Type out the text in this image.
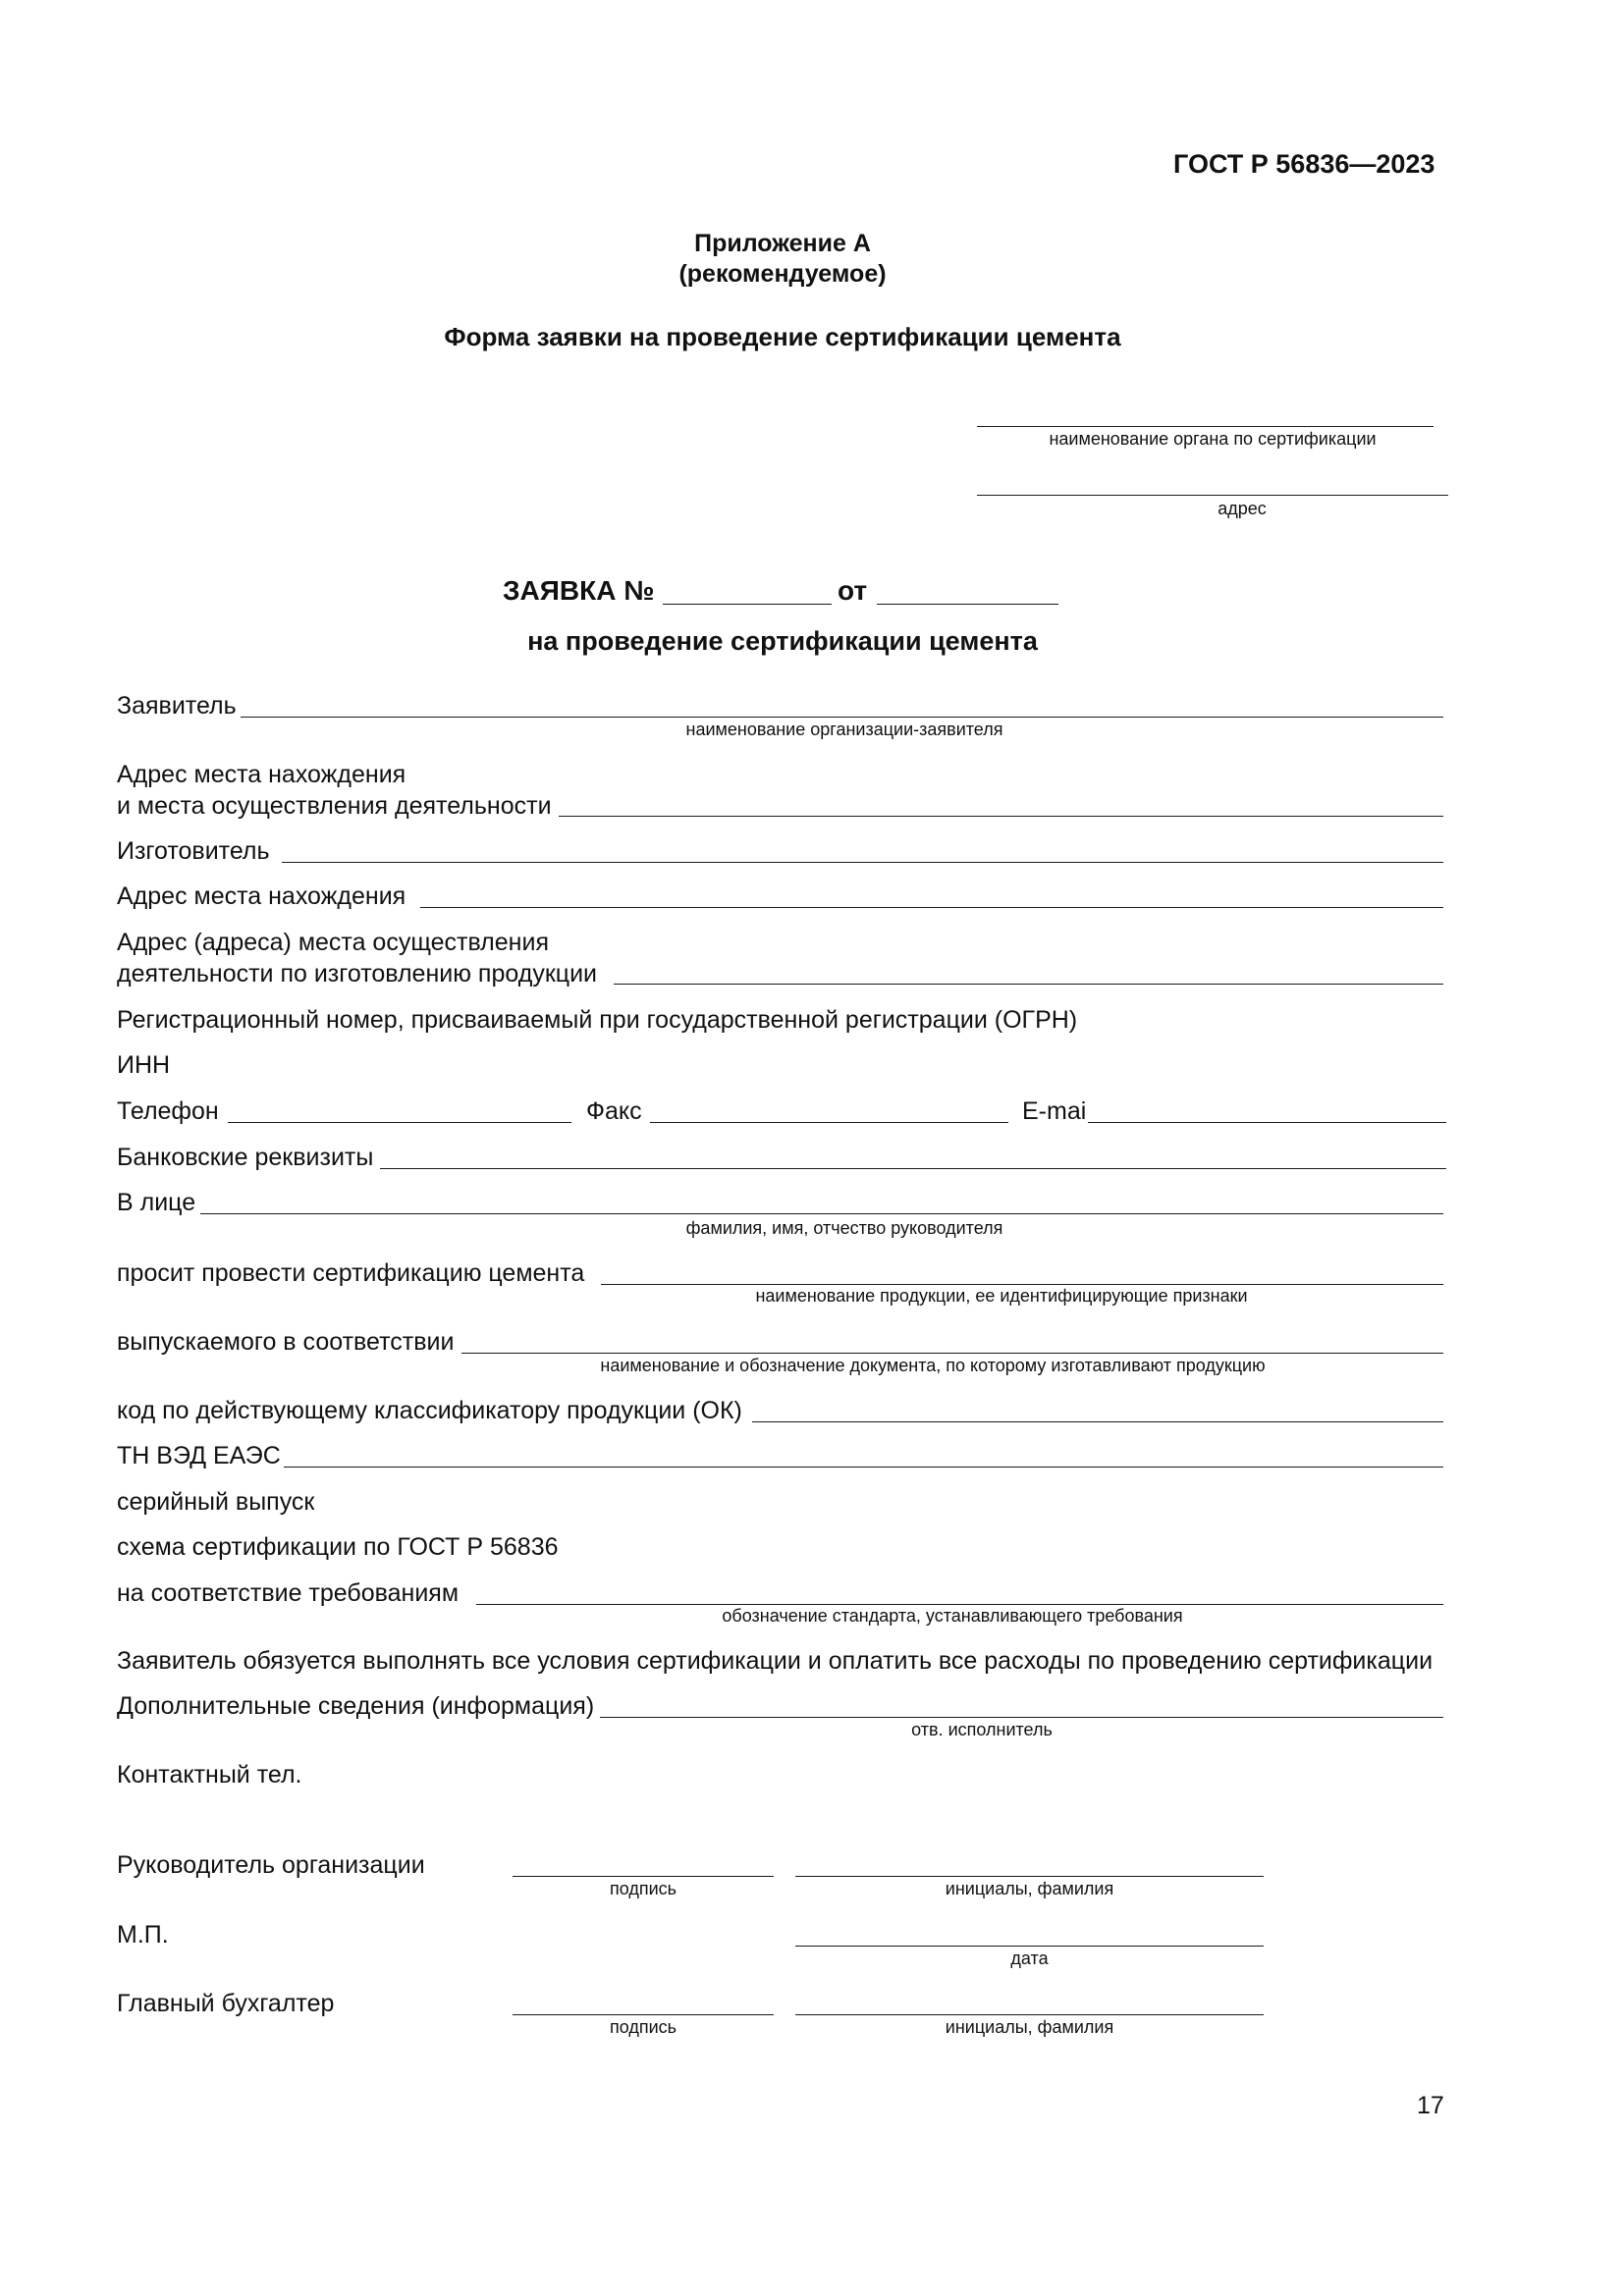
ГОСТ Р 56836—2023
Приложение А
(рекомендуемое)
Форма заявки на проведение сертификации цемента
наименование органа по сертификации
адрес
ЗАЯВКА №	от
на проведение сертификации цемента
Заявитель
наименование организации-заявителя
Адрес места нахождения
и места осуществления деятельности
Изготовитель
Адрес места нахождения
Адрес (адреса) места осуществления
деятельности по изготовлению продукции
Регистрационный номер, присваиваемый при государственной регистрации (ОГРН)
ИНН
Телефон	Факс	E-mai
Банковские реквизиты
В лице
фамилия, имя, отчество руководителя
просит провести сертификацию цемента
наименование продукции, ее идентифицирующие признаки
выпускаемого в соответствии
наименование и обозначение документа, по которому изготавливают продукцию
код по действующему классификатору продукции (ОК)
ТН ВЭД ЕАЭС
серийный выпуск
схема сертификации по ГОСТ Р 56836
на соответствие требованиям
обозначение стандарта, устанавливающего требования
Заявитель обязуется выполнять все условия сертификации и оплатить все расходы по проведению сертификации
Дополнительные сведения (информация)
отв. исполнитель
Контактный тел.
Руководитель организации
подпись	инициалы, фамилия
М.П.
дата
Главный бухгалтер
подпись	инициалы, фамилия
17
